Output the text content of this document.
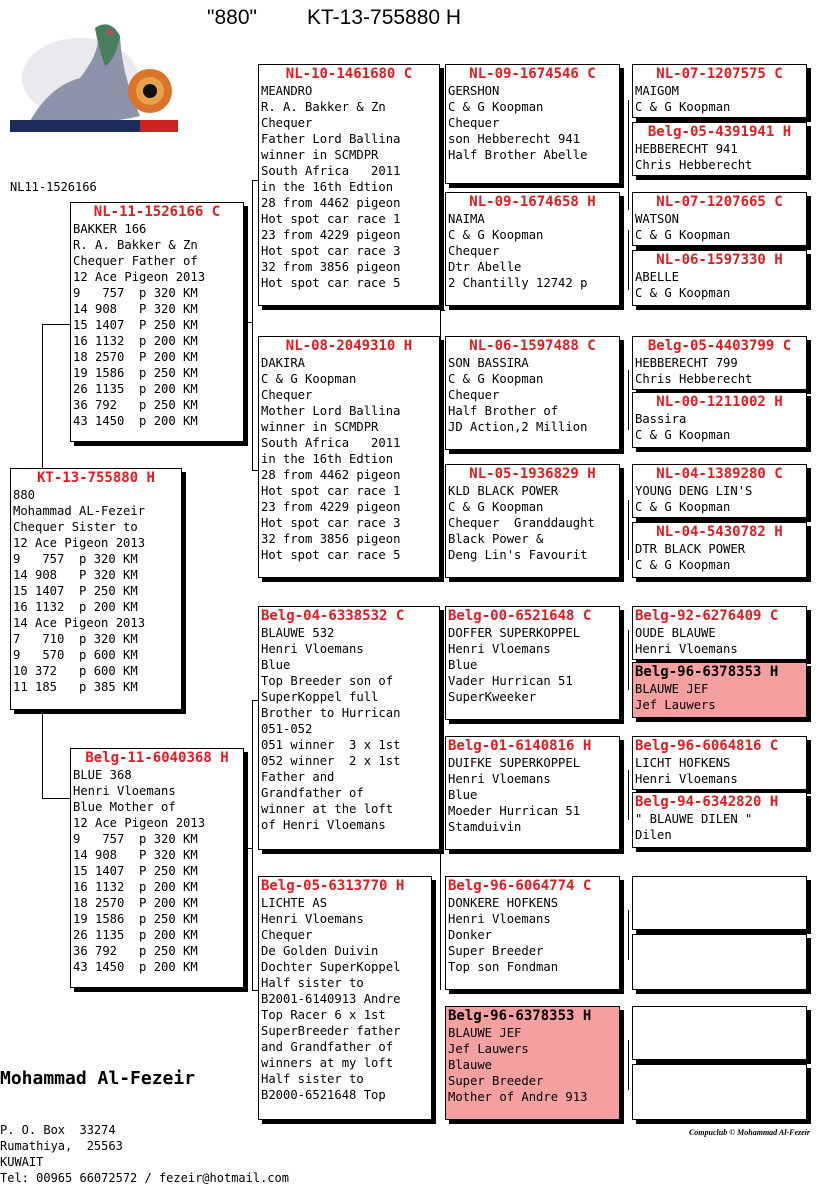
"880" KT-13-755880 H
NL11-1526166
KT-13-755880 H
880
Mohammad AL-Fezeir
Chequer Sister to
12 Ace Pigeon 2013
9   757  p 320 KM
14 908   P 320 KM
15 1407  P 250 KM
16 1132  p 200 KM
14 Ace Pigeon 2013
7   710  p 320 KM
9   570  p 600 KM
10 372   p 600 KM
11 185   p 385 KM
NL-11-1526166 C
BAKKER 166
R. A. Bakker & Zn
Chequer Father of
12 Ace Pigeon 2013
9   757  p 320 KM
14 908   P 320 KM
15 1407  P 250 KM
16 1132  p 200 KM
18 2570  P 200 KM
19 1586  p 250 KM
26 1135  p 200 KM
36 792   p 250 KM
43 1450  p 200 KM
Belg-11-6040368 H
BLUE 368
Henri Vloemans
Blue Mother of
12 Ace Pigeon 2013
9   757  p 320 KM
14 908   P 320 KM
15 1407  P 250 KM
16 1132  p 200 KM
18 2570  P 200 KM
19 1586  p 250 KM
26 1135  p 200 KM
36 792   p 250 KM
43 1450  p 200 KM
NL-10-1461680 C
MEANDRO
R. A. Bakker & Zn
Chequer
Father Lord Ballina
winner in SCMDPR
South Africa   2011
in the 16th Edtion
28 from 4462 pigeon
Hot spot car race 1
23 from 4229 pigeon
Hot spot car race 3
32 from 3856 pigeon
Hot spot car race 5
NL-08-2049310 H
DAKIRA
C & G Koopman
Chequer
Mother Lord Ballina
winner in SCMDPR
South Africa   2011
in the 16th Edtion
28 from 4462 pigeon
Hot spot car race 1
23 from 4229 pigeon
Hot spot car race 3
32 from 3856 pigeon
Hot spot car race 5
Belg-04-6338532 C
BLAUWE 532
Henri Vloemans
Blue
Top Breeder son of
SuperKoppel full
Brother to Hurrican
051-052
051 winner  3 x 1st
052 winner  2 x 1st
Father and
Grandfather of
winner at the loft
of Henri Vloemans
Belg-05-6313770 H
LICHTE AS
Henri Vloemans
Chequer
De Golden Duivin
Dochter SuperKoppel
Half sister to
B2001-6140913 Andre
Top Racer 6 x 1st
SuperBreeder father
and Grandfather of
winners at my loft
Half sister to
B2000-6521648 Top
NL-09-1674546 C
GERSHON
C & G Koopman
Chequer
son Hebberecht 941
Half Brother Abelle
NL-09-1674658 H
NAIMA
C & G Koopman
Chequer
Dtr Abelle
2 Chantilly 12742 p
NL-06-1597488 C
SON BASSIRA
C & G Koopman
Chequer
Half Brother of
JD Action,2 Million
NL-05-1936829 H
KLD BLACK POWER
C & G Koopman
Chequer  Granddaught
Black Power &
Deng Lin's Favourit
Belg-00-6521648 C
DOFFER SUPERKOPPEL
Henri Vloemans
Blue
Vader Hurrican 51
SuperKweeker
Belg-01-6140816 H
DUIFKE SUPERKOPPEL
Henri Vloemans
Blue
Moeder Hurrican 51
Stamduivin
Belg-96-6064774 C
DONKERE HOFKENS
Henri Vloemans
Donker
Super Breeder
Top son Fondman
Belg-96-6378353 H
BLAUWE JEF
Jef Lauwers
Blauwe
Super Breeder
Mother of Andre 913
NL-07-1207575 C
MAIGOM
C & G Koopman
Belg-05-4391941 H
HEBBERECHT 941
Chris Hebberecht
NL-07-1207665 C
WATSON
C & G Koopman
NL-06-1597330 H
ABELLE
C & G Koopman
Belg-05-4403799 C
HEBBERECHT 799
Chris Hebberecht
NL-00-1211002 H
Bassira
C & G Koopman
NL-04-1389280 C
YOUNG DENG LIN'S
C & G Koopman
NL-04-5430782 H
DTR BLACK POWER
C & G Koopman
Belg-92-6276409 C
OUDE BLAUWE
Henri Vloemans
Belg-96-6378353 H
BLAUWE JEF
Jef Lauwers
Belg-96-6064816 C
LICHT HOFKENS
Henri Vloemans
Belg-94-6342820 H
" BLAUWE DILEN "
Dilen

Mohammad Al-Fezeir

P. O. Box  33274
Rumathiya,  25563
KUWAIT
Tel: 00965 66072572 / fezeir@hotmail.com

Compuclub © Mohammad Al-Fezeir
